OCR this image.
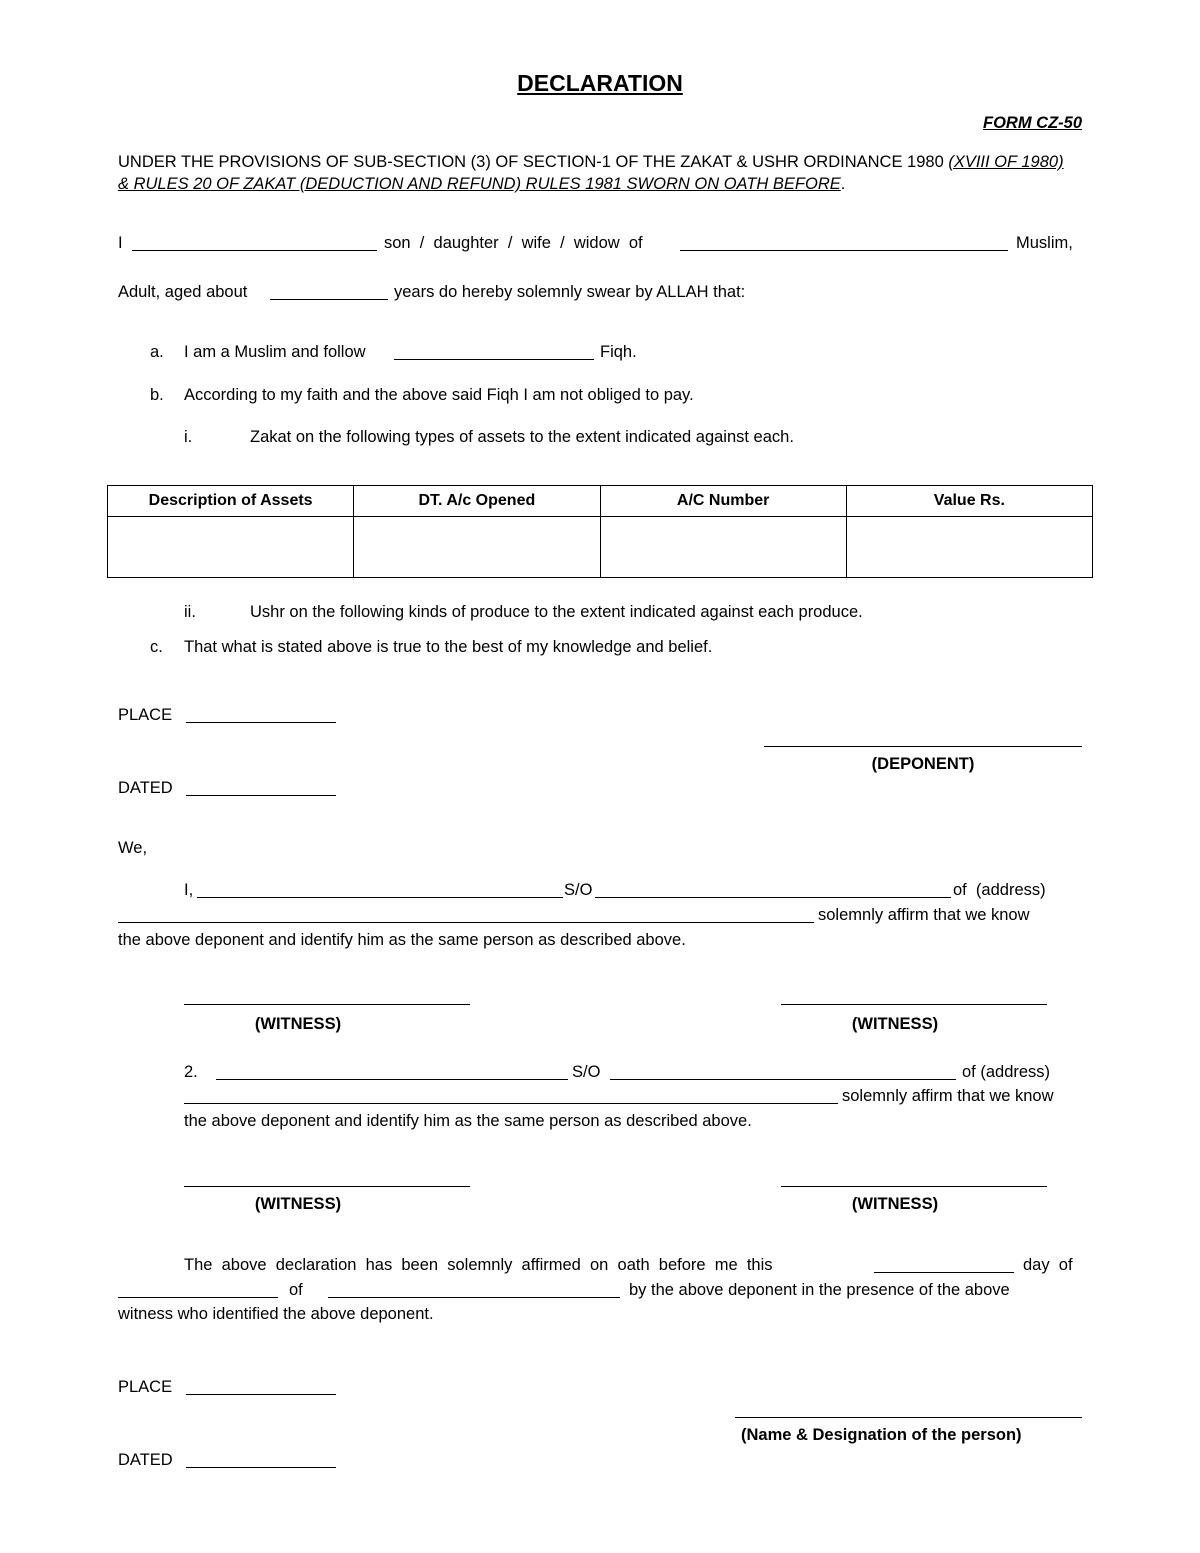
DECLARATION
FORM CZ-50
UNDER THE PROVISIONS OF SUB-SECTION (3) OF SECTION-1 OF THE ZAKAT & USHR ORDINANCE 1980 (XVIII OF 1980)
& RULES 20 OF ZAKAT (DEDUCTION AND REFUND) RULES 1981 SWORN ON OATH BEFORE.
I	son  /  daughter  /  wife  /  widow  of	Muslim,
Adult, aged about	years do hereby solemnly swear by ALLAH that:
a. I am a Muslim and follow	Fiqh.
b. According to my faith and the above said Fiqh I am not obliged to pay.
i.	Zakat on the following types of assets to the extent indicated against each.
Description of Assets	DT. A/c Opened	A/C Number	Value Rs.

ii.	Ushr on the following kinds of produce to the extent indicated against each produce.
c. That what is stated above is true to the best of my knowledge and belief.
PLACE
(DEPONENT)
DATED
We,
I,	S/O	of  (address)
solemnly affirm that we know
the above deponent and identify him as the same person as described above.
(WITNESS)	(WITNESS)
2.	S/O	of (address)
solemnly affirm that we know
the above deponent and identify him as the same person as described above.
(WITNESS)	(WITNESS)
The  above  declaration  has  been  solemnly  affirmed  on  oath  before  me  this	day  of
of	by the above deponent in the presence of the above
witness who identified the above deponent.
PLACE
(Name & Designation of the person)
DATED
